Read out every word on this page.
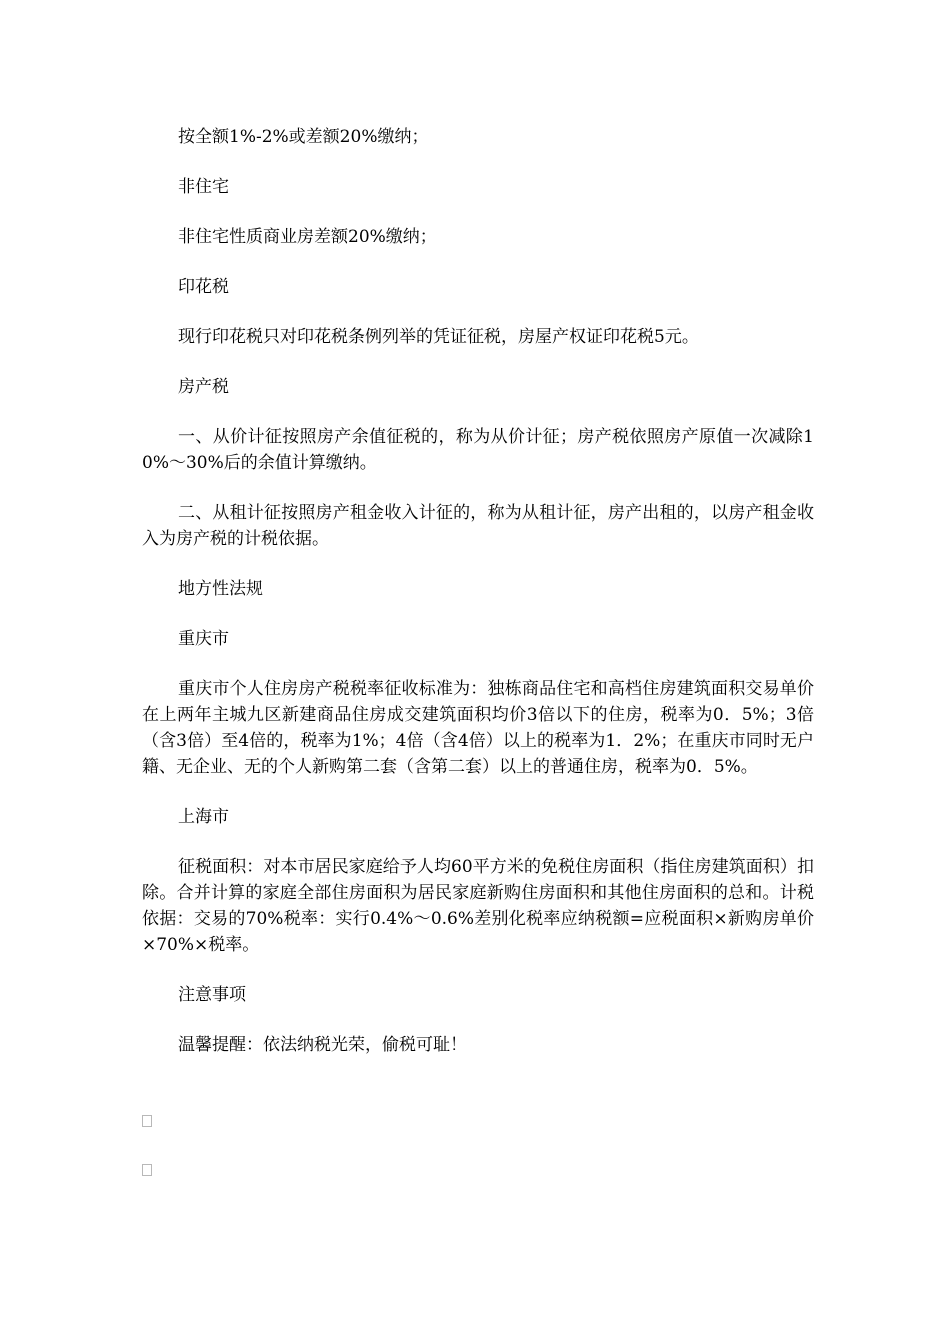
按全额1%-2%或差额20%缴纳；

非住宅

非住宅性质商业房差额20%缴纳；

印花税

现行印花税只对印花税条例列举的凭证征税，房屋产权证印花税5元。

房产税

一、从价计征按照房产余值征税的，称为从价计征；房产税依照房产原值一次减除10%～30%后的余值计算缴纳。

二、从租计征按照房产租金收入计征的，称为从租计征，房产出租的，以房产租金收入为房产税的计税依据。

地方性法规

重庆市

重庆市个人住房房产税税率征收标准为：独栋商品住宅和高档住房建筑面积交易单价在上两年主城九区新建商品住房成交建筑面积均价3倍以下的住房，税率为0．5%；3倍（含3倍）至4倍的，税率为1%；4倍（含4倍）以上的税率为1．2%；在重庆市同时无户籍、无企业、无的个人新购第二套（含第二套）以上的普通住房，税率为0．5%。

上海市

征税面积：对本市居民家庭给予人均60平方米的免税住房面积（指住房建筑面积）扣除。合并计算的家庭全部住房面积为居民家庭新购住房面积和其他住房面积的总和。计税依据：交易的70%税率：实行0.4%～0.6%差别化税率应纳税额=应税面积×新购房单价×70%×税率。

注意事项

温馨提醒：依法纳税光荣，偷税可耻！
